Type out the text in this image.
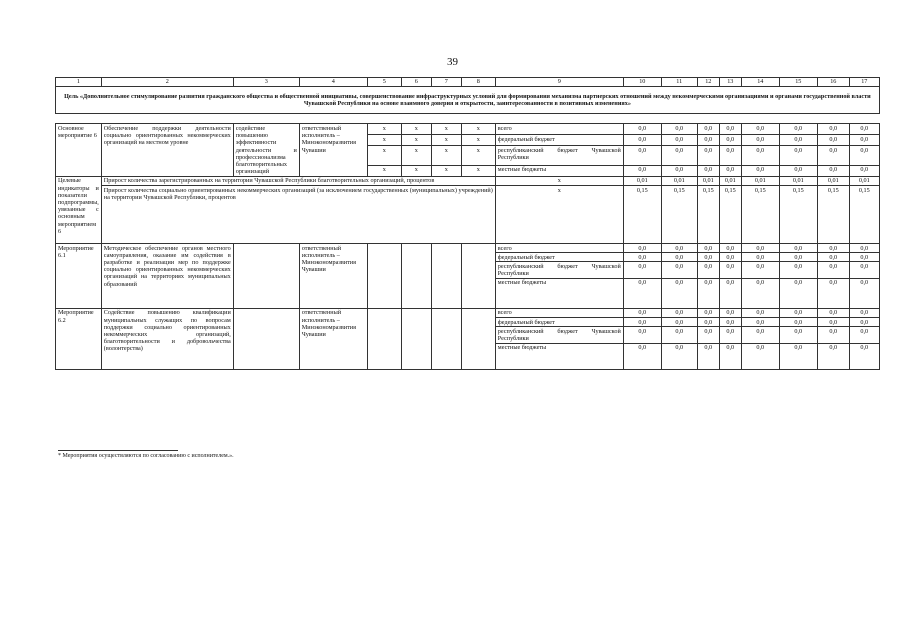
39
1	2	3	4	5	6	7	8	9	10	11	12	13	14	15	16	17
Цель «Дополнительное стимулирование развития гражданского общества и общественной инициативы, совершенствование инфраструктурных условий для формирования механизма партнерских отношений между некоммерческими организациями и органами государственной власти Чувашской Республики на основе взаимного доверия и открытости, заинтересованности в позитивных изменениях»																

Основное мероприятие 6	Обеспечение поддержки деятельности социально ориентированных некоммерческих организаций на местном уровне	содействие повышению эффективности деятельности и профессионализма благотворительных организаций	ответственный исполнитель – Минэкономразвития Чувашии	x	x	x	x	всего	0,0	0,0	0,0	0,0	0,0	0,0	0,0	0,0
				x	x	x	x	федеральный бюджет	0,0	0,0	0,0	0,0	0,0	0,0	0,0	0,0
				x	x	x	x	республиканский бюджет Чувашской Республики	0,0	0,0	0,0	0,0	0,0	0,0	0,0	0,0
				x	x	x	x	местные бюджеты	0,0	0,0	0,0	0,0	0,0	0,0	0,0	0,0
Целевые индикаторы и показатели подпрограммы, увязанные с основным мероприятием 6	Прирост количества зарегистрированных на территории Чувашской Республики благотворительных организаций, процентов							x	0,01	0,01	0,01	0,01	0,01	0,01	0,01	0,01
	Прирост количества социально ориентированных некоммерческих организаций (за исключением государственных (муниципальных) учреждений) на территории Чувашской Республики, процентов							x	0,15	0,15	0,15	0,15	0,15	0,15	0,15	0,15
Мероприятие 6.1	Методическое обеспечение органов местного самоуправления, оказание им содействия в разработке и реализации мер по поддержке социально ориентированных некоммерческих организаций на территориях муниципальных образований		ответственный исполнитель – Минэкономразвития Чувашии					всего	0,0	0,0	0,0	0,0	0,0	0,0	0,0	0,0
								федеральный бюджет	0,0	0,0	0,0	0,0	0,0	0,0	0,0	0,0
								республиканский бюджет Чувашской Республики	0,0	0,0	0,0	0,0	0,0	0,0	0,0	0,0
								местные бюджеты	0,0	0,0	0,0	0,0	0,0	0,0	0,0	0,0
Мероприятие 6.2	Содействие повышению квалификации муниципальных служащих по вопросам поддержки социально ориентированных некоммерческих организаций, благотворительности и добровольчества (волонтерства)		ответственный исполнитель – Минэкономразвития Чувашии					всего	0,0	0,0	0,0	0,0	0,0	0,0	0,0	0,0
								федеральный бюджет	0,0	0,0	0,0	0,0	0,0	0,0	0,0	0,0
								республиканский бюджет Чувашской Республики	0,0	0,0	0,0	0,0	0,0	0,0	0,0	0,0
								местные бюджеты	0,0	0,0	0,0	0,0	0,0	0,0	0,0	0,0
* Мероприятия осуществляются по согласованию с исполнителем.».
